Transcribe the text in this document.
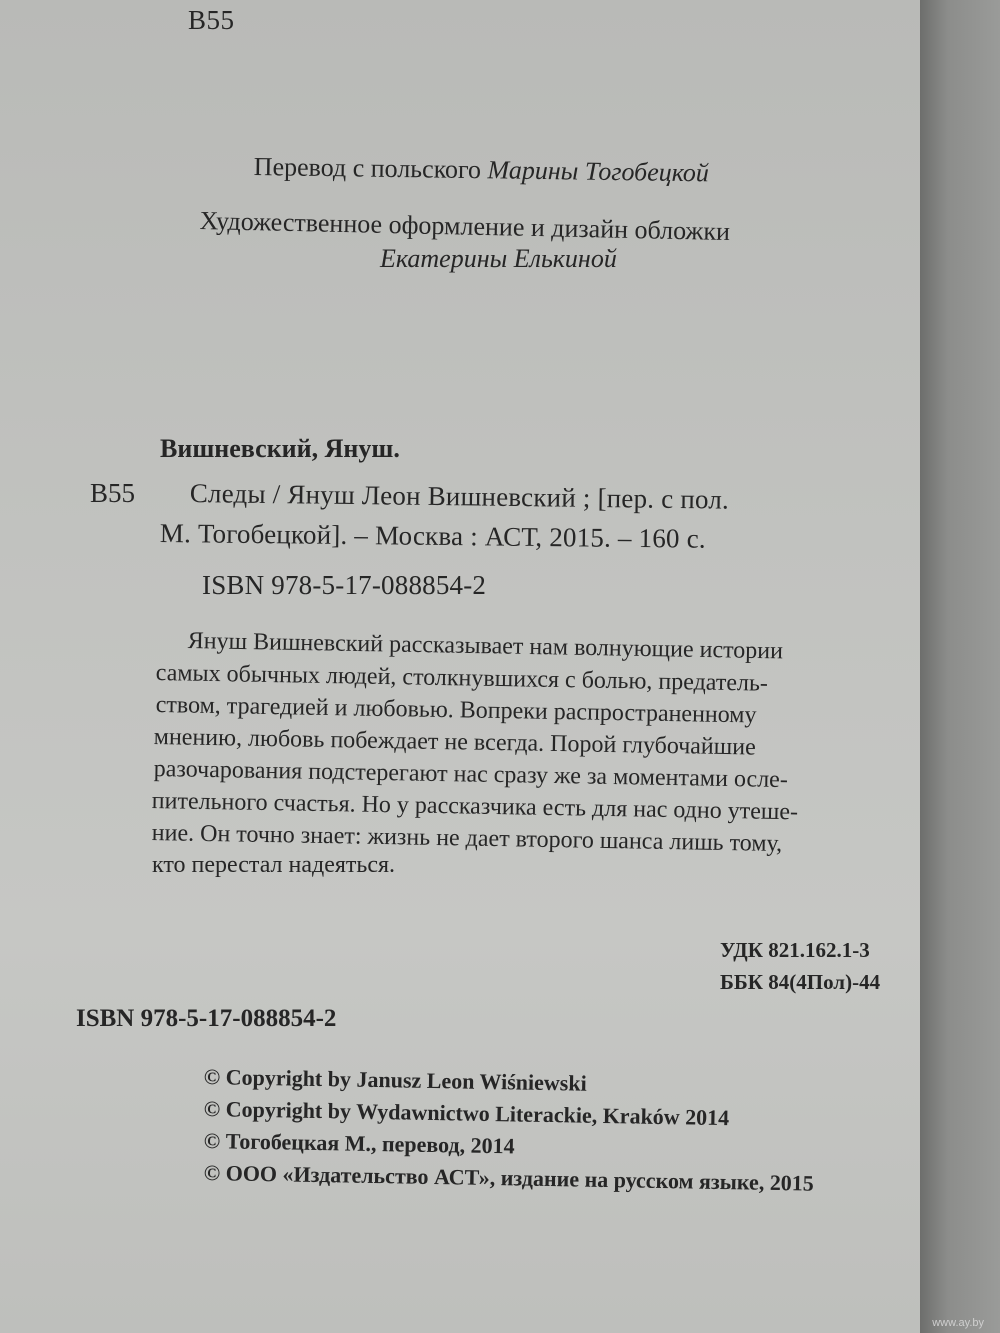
В55

Перевод с польского Марины Тогобецкой

Художественное оформление и дизайн обложки

Екатерины Елькиной

Вишневский, Януш.

В55 Следы / Януш Леон Вишневский ; [пер. с пол.

М. Тогобецкой]. – Москва : АСТ, 2015. – 160 с.

ISBN 978-5-17-088854-2

Януш Вишневский рассказывает нам волнующие истории

самых обычных людей, столкнувшихся с болью, предатель-

ством, трагедией и любовью. Вопреки распространенному

мнению, любовь побеждает не всегда. Порой глубочайшие

разочарования подстерегают нас сразу же за моментами осле-

пительного счастья. Но у рассказчика есть для нас одно утеше-

ние. Он точно знает: жизнь не дает второго шанса лишь тому,

кто перестал надеяться.

УДК 821.162.1-3

ББК 84(4Пол)-44

ISBN 978-5-17-088854-2

© Copyright by Janusz Leon Wiśniewski

© Copyright by Wydawnictwo Literackie, Kraków 2014

© Тогобецкая М., перевод, 2014

© ООО «Издательство АСТ», издание на русском языке, 2015

www.ay.by
